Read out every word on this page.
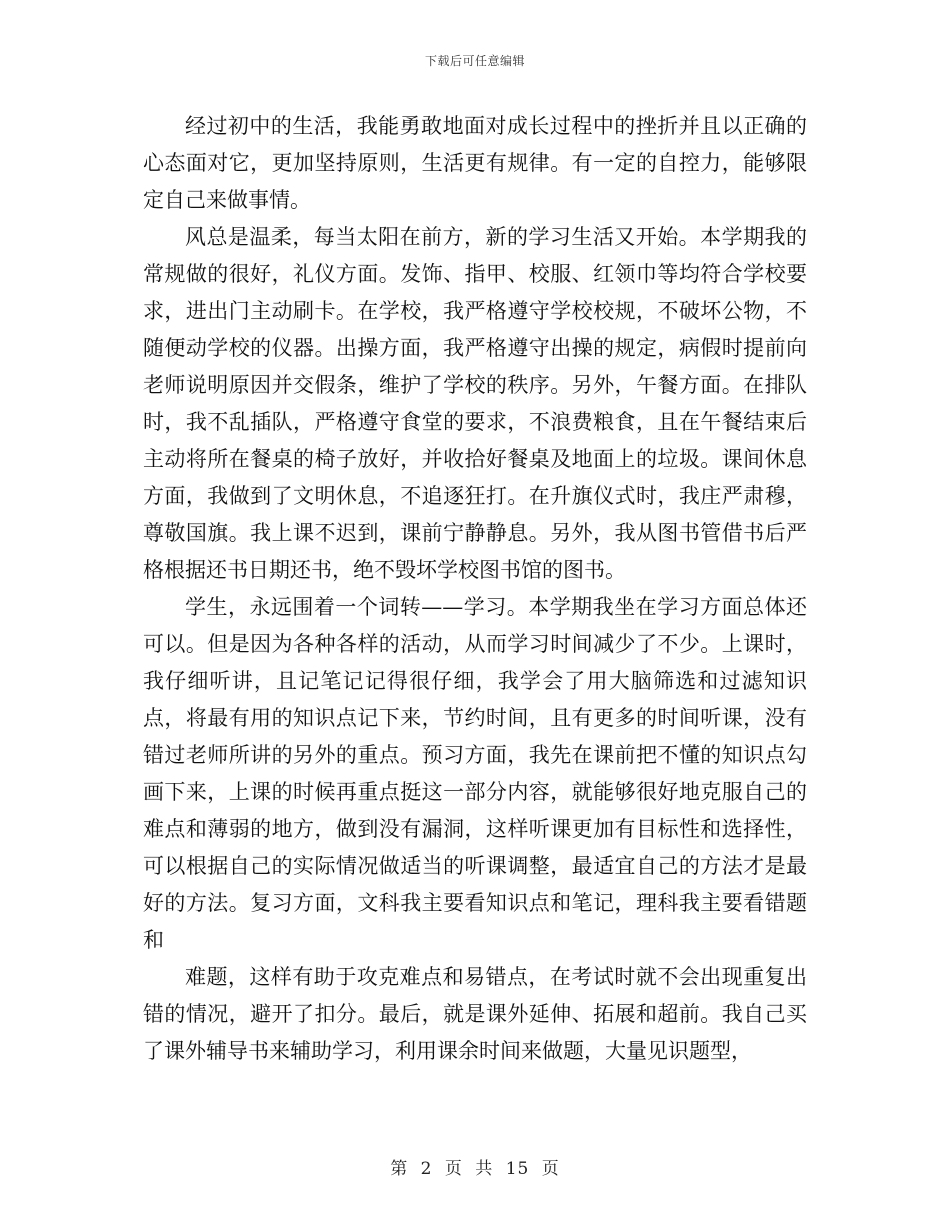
下载后可任意编辑

经过初中的生活，我能勇敢地面对成长过程中的挫折并且以正确的心态面对它，更加坚持原则，生活更有规律。有一定的自控力，能够限定自己来做事情。

风总是温柔，每当太阳在前方，新的学习生活又开始。本学期我的常规做的很好，礼仪方面。发饰、指甲、校服、红领巾等均符合学校要求，进出门主动刷卡。在学校，我严格遵守学校校规，不破坏公物，不随便动学校的仪器。出操方面，我严格遵守出操的规定，病假时提前向老师说明原因并交假条，维护了学校的秩序。另外，午餐方面。在排队时，我不乱插队，严格遵守食堂的要求，不浪费粮食，且在午餐结束后主动将所在餐桌的椅子放好，并收拾好餐桌及地面上的垃圾。课间休息方面，我做到了文明休息，不追逐狂打。在升旗仪式时，我庄严肃穆，尊敬国旗。我上课不迟到，课前宁静静息。另外，我从图书管借书后严格根据还书日期还书，绝不毁坏学校图书馆的图书。

学生，永远围着一个词转——学习。本学期我坐在学习方面总体还可以。但是因为各种各样的活动，从而学习时间减少了不少。上课时，我仔细听讲，且记笔记记得很仔细，我学会了用大脑筛选和过滤知识点，将最有用的知识点记下来，节约时间，且有更多的时间听课，没有错过老师所讲的另外的重点。预习方面，我先在课前把不懂的知识点勾画下来，上课的时候再重点挺这一部分内容，就能够很好地克服自己的难点和薄弱的地方，做到没有漏洞，这样听课更加有目标性和选择性，可以根据自己的实际情况做适当的听课调整，最适宜自己的方法才是最好的方法。复习方面，文科我主要看知识点和笔记，理科我主要看错题和

难题，这样有助于攻克难点和易错点，在考试时就不会出现重复出错的情况，避开了扣分。最后，就是课外延伸、拓展和超前。我自己买了课外辅导书来辅助学习，利用课余时间来做题，大量见识题型，

第 2 页 共 15 页
